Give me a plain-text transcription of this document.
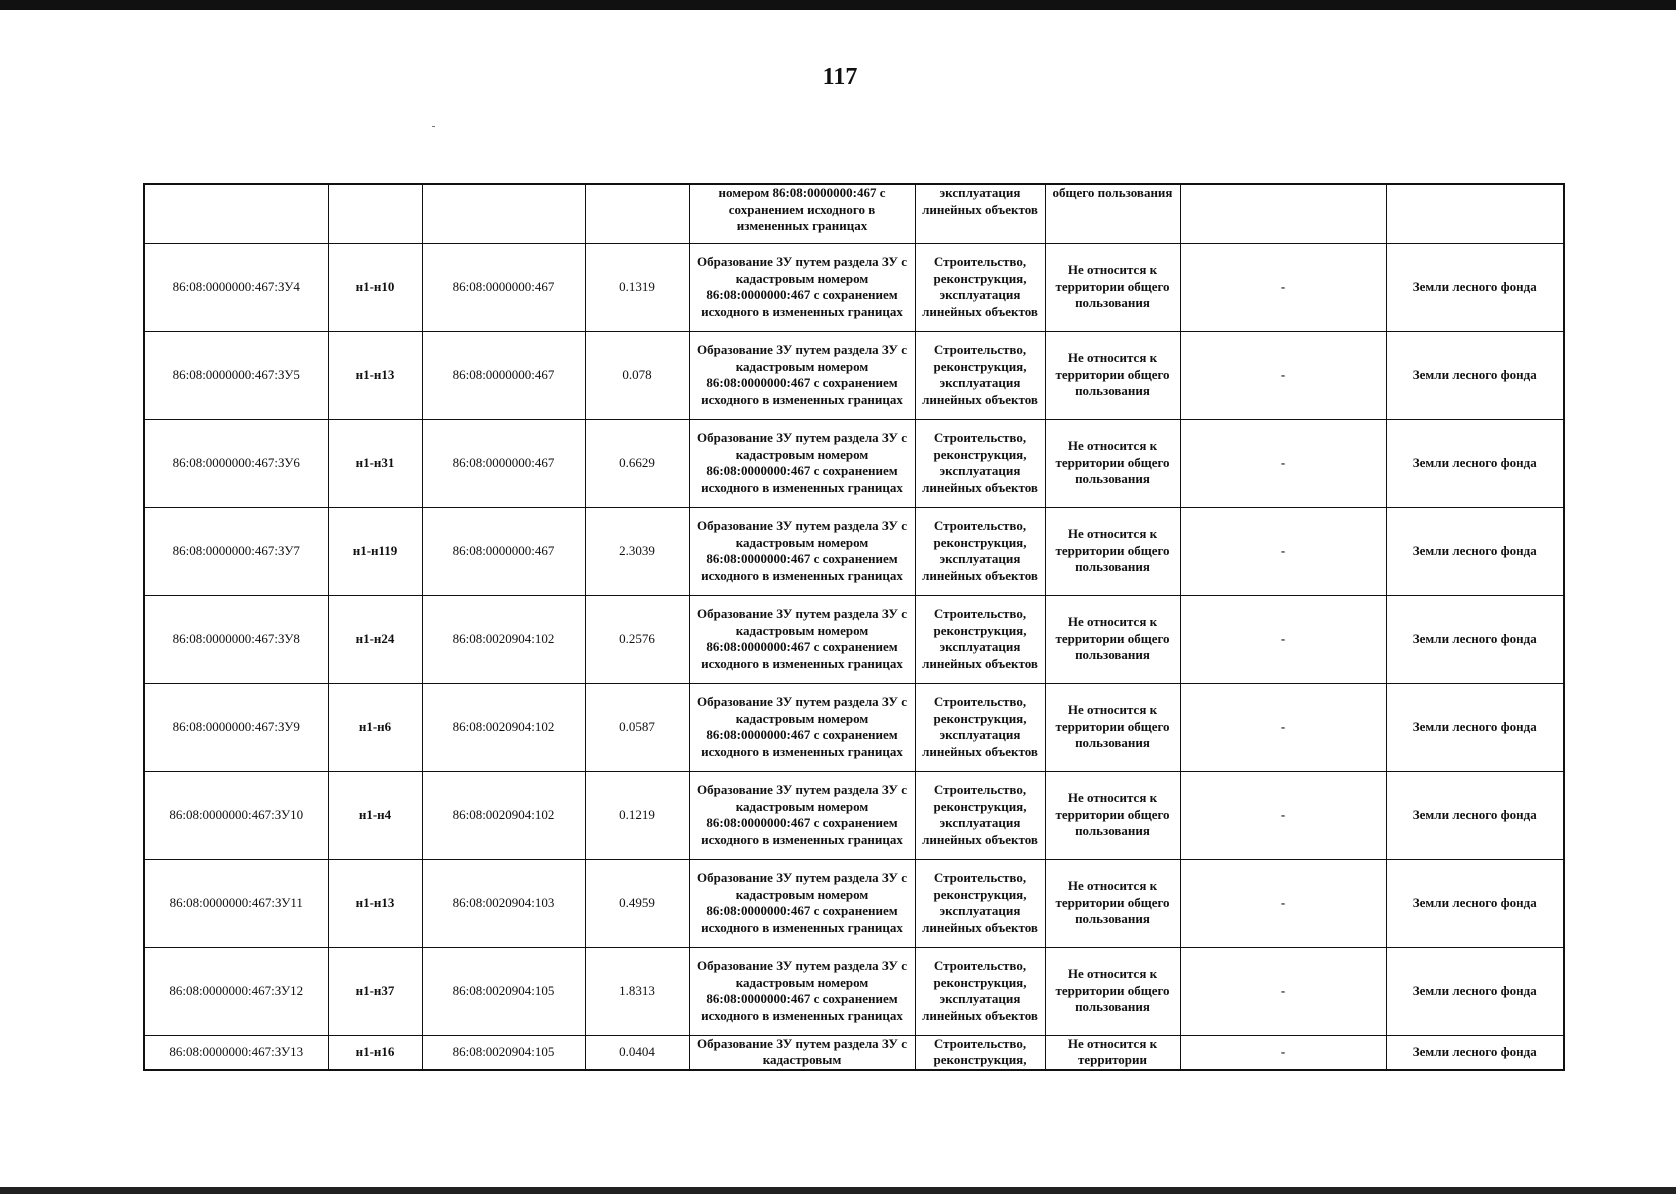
117
				номером 86:08:0000000:467 с сохранением исходного в измененных границах	эксплуатация линейных объектов	общего пользования		
86:08:0000000:467:ЗУ4	н1-н10	86:08:0000000:467	0.1319	Образование ЗУ путем раздела ЗУ с кадастровым номером 86:08:0000000:467 с сохранением исходного в измененных границах	Строительство, реконструкция, эксплуатация линейных объектов	Не относится к территории общего пользования	-	Земли лесного фонда
86:08:0000000:467:ЗУ5	н1-н13	86:08:0000000:467	0.078	Образование ЗУ путем раздела ЗУ с кадастровым номером 86:08:0000000:467 с сохранением исходного в измененных границах	Строительство, реконструкция, эксплуатация линейных объектов	Не относится к территории общего пользования	-	Земли лесного фонда
86:08:0000000:467:ЗУ6	н1-н31	86:08:0000000:467	0.6629	Образование ЗУ путем раздела ЗУ с кадастровым номером 86:08:0000000:467 с сохранением исходного в измененных границах	Строительство, реконструкция, эксплуатация линейных объектов	Не относится к территории общего пользования	-	Земли лесного фонда
86:08:0000000:467:ЗУ7	н1-н119	86:08:0000000:467	2.3039	Образование ЗУ путем раздела ЗУ с кадастровым номером 86:08:0000000:467 с сохранением исходного в измененных границах	Строительство, реконструкция, эксплуатация линейных объектов	Не относится к территории общего пользования	-	Земли лесного фонда
86:08:0000000:467:ЗУ8	н1-н24	86:08:0020904:102	0.2576	Образование ЗУ путем раздела ЗУ с кадастровым номером 86:08:0000000:467 с сохранением исходного в измененных границах	Строительство, реконструкция, эксплуатация линейных объектов	Не относится к территории общего пользования	-	Земли лесного фонда
86:08:0000000:467:ЗУ9	н1-н6	86:08:0020904:102	0.0587	Образование ЗУ путем раздела ЗУ с кадастровым номером 86:08:0000000:467 с сохранением исходного в измененных границах	Строительство, реконструкция, эксплуатация линейных объектов	Не относится к территории общего пользования	-	Земли лесного фонда
86:08:0000000:467:ЗУ10	н1-н4	86:08:0020904:102	0.1219	Образование ЗУ путем раздела ЗУ с кадастровым номером 86:08:0000000:467 с сохранением исходного в измененных границах	Строительство, реконструкция, эксплуатация линейных объектов	Не относится к территории общего пользования	-	Земли лесного фонда
86:08:0000000:467:ЗУ11	н1-н13	86:08:0020904:103	0.4959	Образование ЗУ путем раздела ЗУ с кадастровым номером 86:08:0000000:467 с сохранением исходного в измененных границах	Строительство, реконструкция, эксплуатация линейных объектов	Не относится к территории общего пользования	-	Земли лесного фонда
86:08:0000000:467:ЗУ12	н1-н37	86:08:0020904:105	1.8313	Образование ЗУ путем раздела ЗУ с кадастровым номером 86:08:0000000:467 с сохранением исходного в измененных границах	Строительство, реконструкция, эксплуатация линейных объектов	Не относится к территории общего пользования	-	Земли лесного фонда
86:08:0000000:467:ЗУ13	н1-н16	86:08:0020904:105	0.0404	Образование ЗУ путем раздела ЗУ с кадастровым	Строительство, реконструкция,	Не относится к территории	-	Земли лесного фонда
